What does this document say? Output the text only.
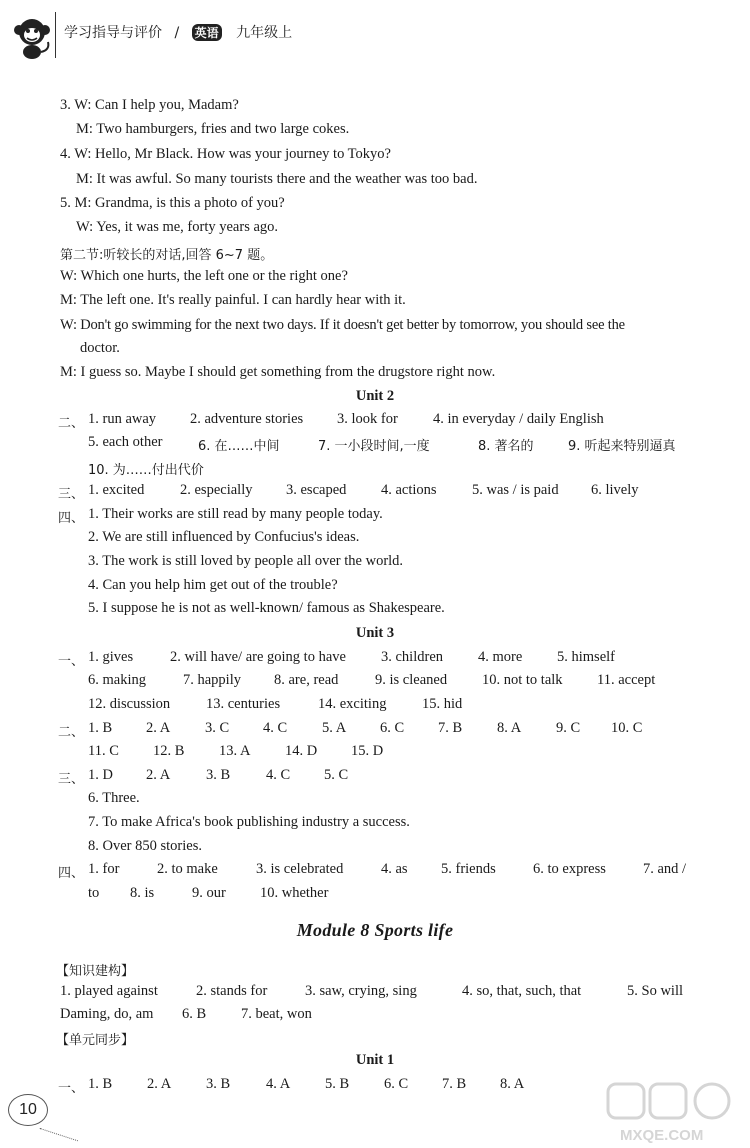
学习指导与评价 / 英语 九年级上
3. W: Can I help you, Madam?
M: Two hamburgers, fries and two large cokes.
4. W: Hello, Mr Black. How was your journey to Tokyo?
M: It was awful. So many tourists there and the weather was too bad.
5. M: Grandma, is this a photo of you?
W: Yes, it was me, forty years ago.
第二节:听较长的对话,回答 6~7 题。
W: Which one hurts, the left one or the right one?
M: The left one. It's really painful. I can hardly hear with it.
W: Don't go swimming for the next two days. If it doesn't get better by tomorrow, you should see the
doctor.
M: I guess so. Maybe I should get something from the drugstore right now.
Unit 2
二、 1. run away 2. adventure stories 3. look for 4. in everyday / daily English
5. each other	6. 在……中间	7. 一小段时间,一度	8. 著名的	9. 听起来特别逼真
10. 为……付出代价
三、 1. excited 2. especially 3. escaped 4. actions 5. was / is paid 6. lively
四、 1. Their works are still read by many people today.
2. We are still influenced by Confucius's ideas.
3. The work is still loved by people all over the world.
4. Can you help him get out of the trouble?
5. I suppose he is not as well-known/ famous as Shakespeare.
Unit 3
一、 1. gives	2. will have/ are going to have 3. children 4. more 5. himself
6. making	7. happily 8. are, read	9. is cleaned 10. not to talk 11. accept
12. discussion 13. centuries	14. exciting 15. hid
二、 1. B 2. A 3. C 4. C 5. A 6. C 7. B 8. A 9. C 10. C
11. C 12. B 13. A 14. D 15. D
三、 1. D 2. A 3. B 4. C 5. C
6. Three.
7. To make Africa's book publishing industry a success.
8. Over 850 stories.
四、 1. for	2. to make	3. is celebrated	4. as 5. friends	6. to express	7. and /
to 8. is	9. our 10. whether
Module 8 Sports life
【知识建构】
1. played against	2. stands for	3. saw, crying, sing	4. so, that, such, that	5. So will
Daming, do, am 6. B 7. beat, won
【单元同步】
Unit 1
一、 1. B 2. A 3. B 4. A 5. B 6. C 7. B 8. A
10
MXQE.COM
